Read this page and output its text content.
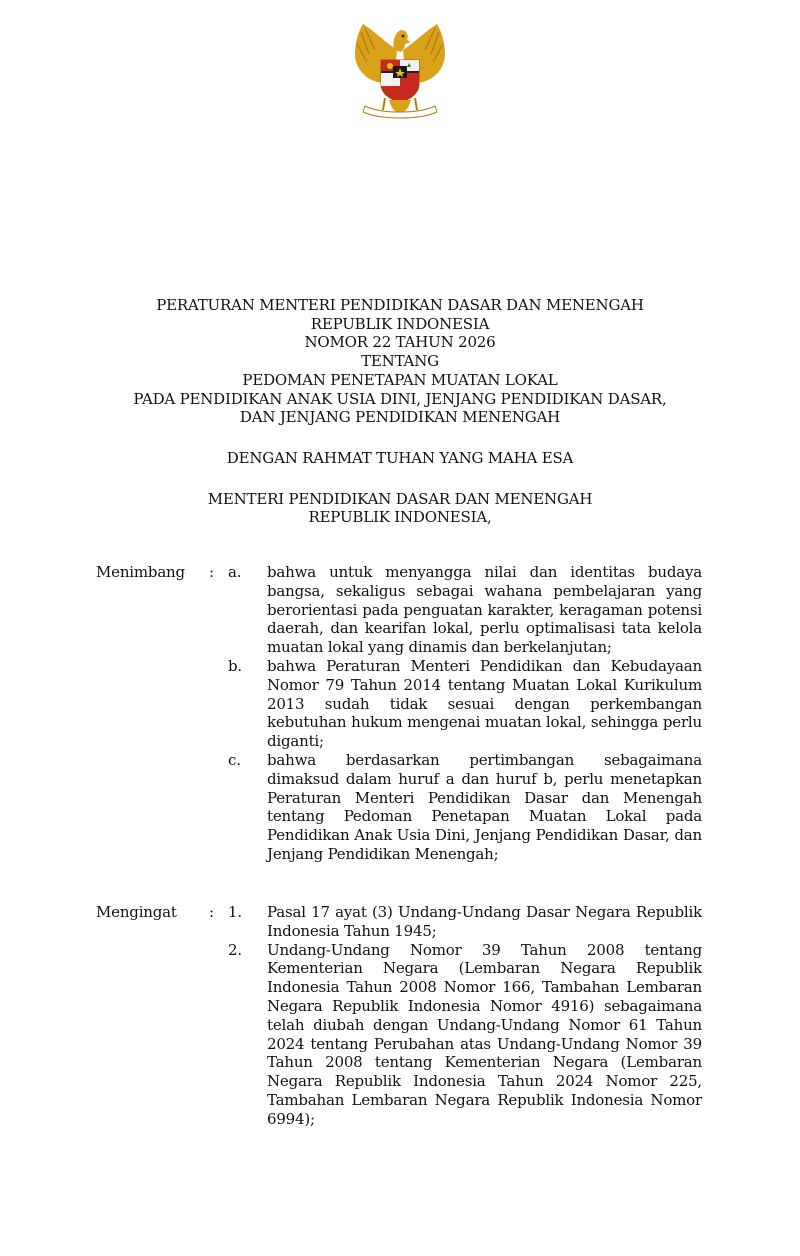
PERATURAN MENTERI PENDIDIKAN DASAR DAN MENENGAH
REPUBLIK INDONESIA
NOMOR 22 TAHUN 2026
TENTANG
PEDOMAN PENETAPAN MUATAN LOKAL
PADA PENDIDIKAN ANAK USIA DINI, JENJANG PENDIDIKAN DASAR,
DAN JENJANG PENDIDIKAN MENENGAH
DENGAN RAHMAT TUHAN YANG MAHA ESA
MENTERI PENDIDIKAN DASAR DAN MENENGAH
REPUBLIK INDONESIA,
Menimbang : a. bahwa untuk menyangga nilai dan identitas budaya bangsa, sekaligus sebagai wahana pembelajaran yang berorientasi pada penguatan karakter, keragaman potensi daerah, dan kearifan lokal, perlu optimalisasi tata kelola muatan lokal yang dinamis dan berkelanjutan;
b. bahwa Peraturan Menteri Pendidikan dan Kebudayaan Nomor 79 Tahun 2014 tentang Muatan Lokal Kurikulum 2013 sudah tidak sesuai dengan perkembangan kebutuhan hukum mengenai muatan lokal, sehingga perlu diganti;
c. bahwa berdasarkan pertimbangan sebagaimana dimaksud dalam huruf a dan huruf b, perlu menetapkan Peraturan Menteri Pendidikan Dasar dan Menengah tentang Pedoman Penetapan Muatan Lokal pada Pendidikan Anak Usia Dini, Jenjang Pendidikan Dasar, dan Jenjang Pendidikan Menengah;
Mengingat : 1. Pasal 17 ayat (3) Undang-Undang Dasar Negara Republik Indonesia Tahun 1945;
2. Undang-Undang Nomor 39 Tahun 2008 tentang Kementerian Negara (Lembaran Negara Republik Indonesia Tahun 2008 Nomor 166, Tambahan Lembaran Negara Republik Indonesia Nomor 4916) sebagaimana telah diubah dengan Undang-Undang Nomor 61 Tahun 2024 tentang Perubahan atas Undang-Undang Nomor 39 Tahun 2008 tentang Kementerian Negara (Lembaran Negara Republik Indonesia Tahun 2024 Nomor 225, Tambahan Lembaran Negara Republik Indonesia Nomor 6994);
